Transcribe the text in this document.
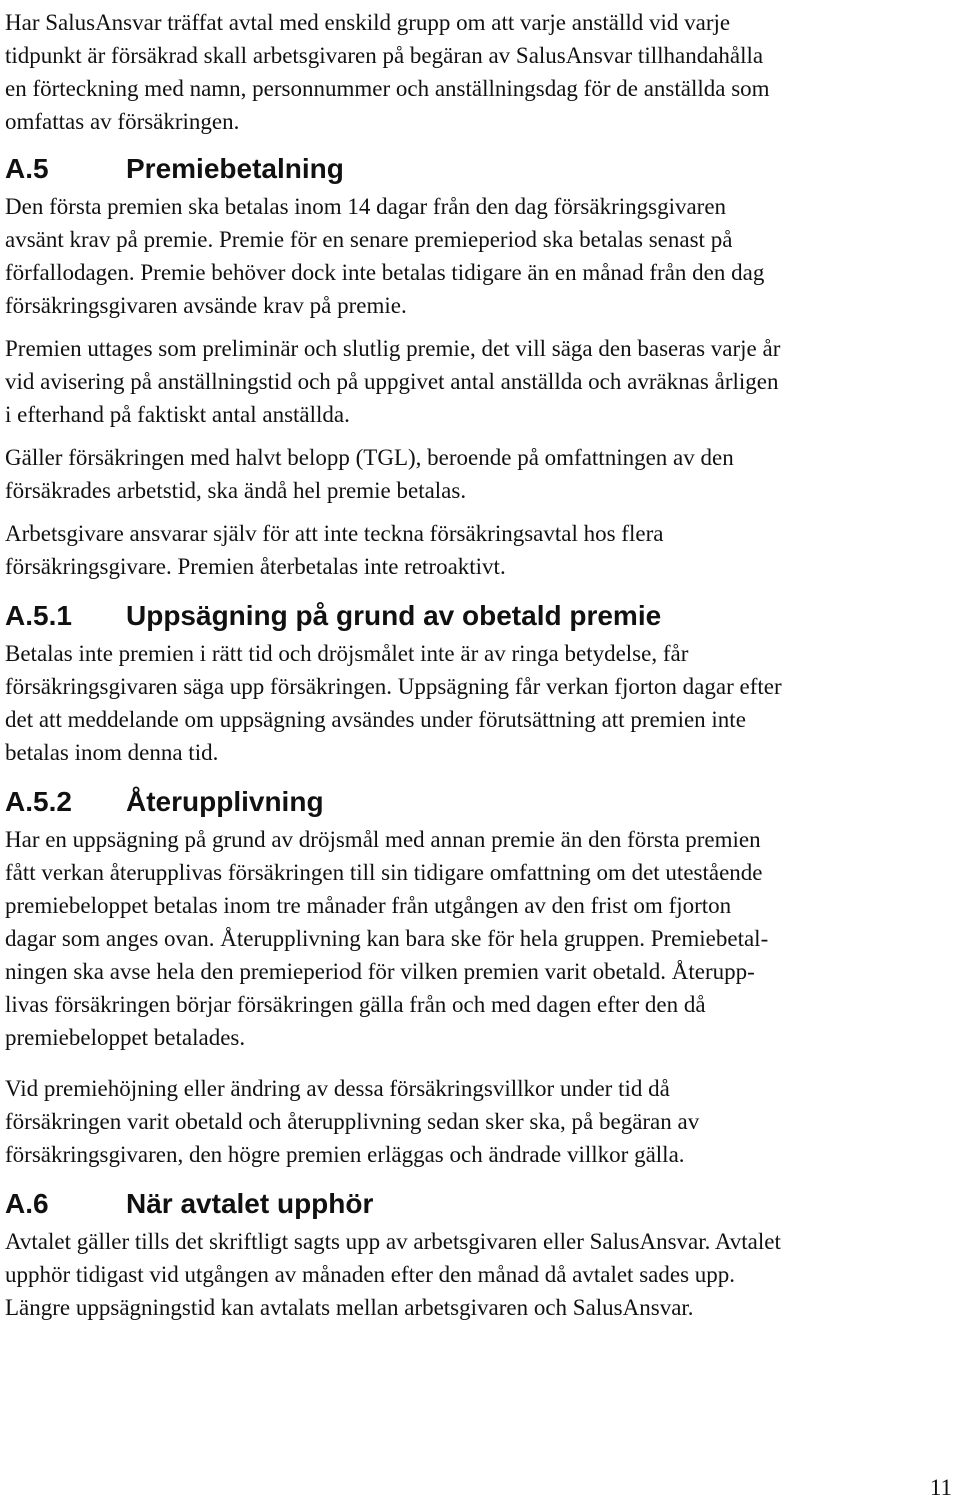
Har SalusAnsvar träffat avtal med enskild grupp om att varje anställd vid varje
tidpunkt är försäkrad skall arbetsgivaren på begäran av SalusAnsvar tillhandahålla
en förteckning med namn, personnummer och anställningsdag för de anställda som
omfattas av försäkringen.

A.5	Premiebetalning

Den första premien ska betalas inom 14 dagar från den dag försäkringsgivaren
avsänt krav på premie. Premie för en senare premieperiod ska betalas senast på
förfallodagen. Premie behöver dock inte betalas tidigare än en månad från den dag
försäkringsgivaren avsände krav på premie.

Premien uttages som preliminär och slutlig premie, det vill säga den baseras varje år
vid avisering på anställningstid och på uppgivet antal anställda och avräknas årligen
i efterhand på faktiskt antal anställda.

Gäller försäkringen med halvt belopp (TGL), beroende på omfattningen av den
försäkrades arbetstid, ska ändå hel premie betalas.

Arbetsgivare ansvarar själv för att inte teckna försäkringsavtal hos flera
försäkringsgivare. Premien återbetalas inte retroaktivt.

A.5.1	Uppsägning på grund av obetald premie

Betalas inte premien i rätt tid och dröjsmålet inte är av ringa betydelse, får
försäkringsgivaren säga upp försäkringen. Uppsägning får verkan fjorton dagar efter
det att meddelande om uppsägning avsändes under förutsättning att premien inte
betalas inom denna tid.

A.5.2	Återupplivning

Har en uppsägning på grund av dröjsmål med annan premie än den första premien
fått verkan återupplivas försäkringen till sin tidigare omfattning om det utestående
premiebeloppet betalas inom tre månader från utgången av den frist om fjorton
dagar som anges ovan. Återupplivning kan bara ske för hela gruppen. Premiebetal-
ningen ska avse hela den premieperiod för vilken premien varit obetald. Återupp-
livas försäkringen börjar försäkringen gälla från och med dagen efter den då
premiebeloppet betalades.

Vid premiehöjning eller ändring av dessa försäkringsvillkor under tid då
försäkringen varit obetald och återupplivning sedan sker ska, på begäran av
försäkringsgivaren, den högre premien erläggas och ändrade villkor gälla.

A.6	När avtalet upphör

Avtalet gäller tills det skriftligt sagts upp av arbetsgivaren eller SalusAnsvar. Avtalet
upphör tidigast vid utgången av månaden efter den månad då avtalet sades upp.
Längre uppsägningstid kan avtalats mellan arbetsgivaren och SalusAnsvar.

11
